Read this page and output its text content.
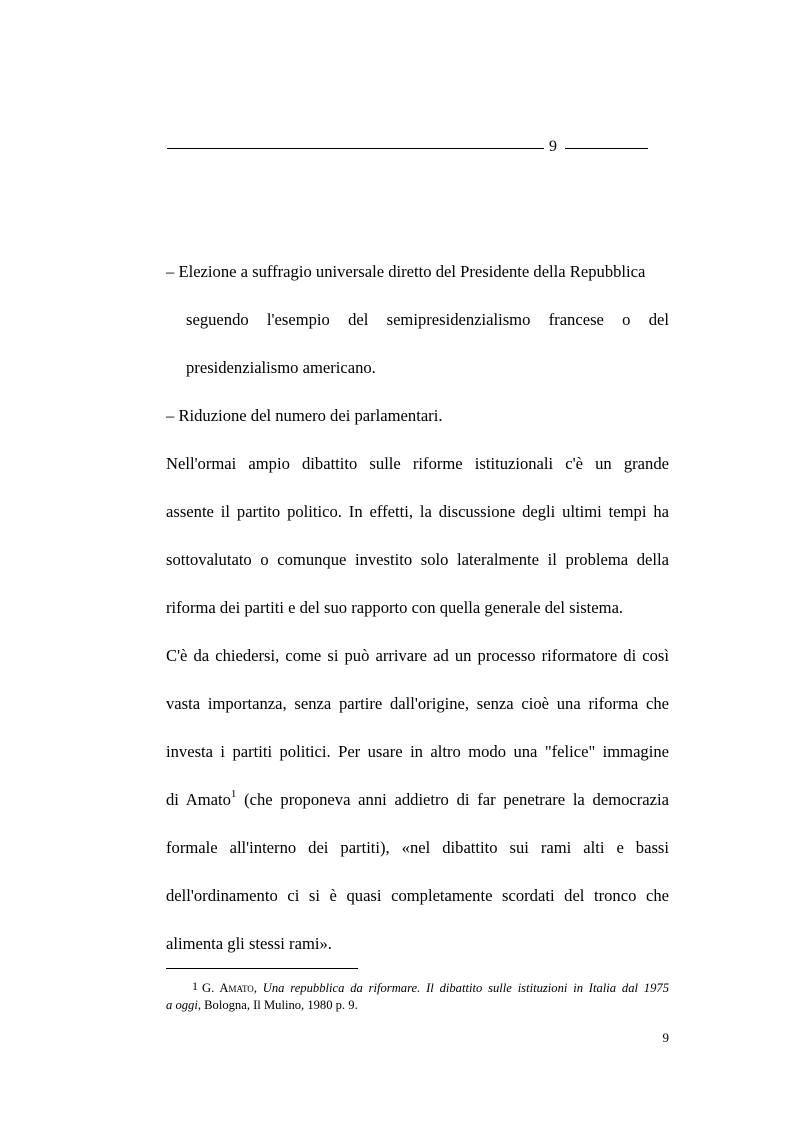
9
– Elezione a suffragio universale diretto del Presidente della Repubblica
seguendo l'esempio del semipresidenzialismo francese o del
presidenzialismo americano.
– Riduzione del numero dei parlamentari.
Nell'ormai ampio dibattito sulle riforme istituzionali c'è un grande
assente il partito politico. In effetti, la discussione degli ultimi tempi ha
sottovalutato o comunque investito solo lateralmente il problema della
riforma dei partiti e del suo rapporto con quella generale del sistema.
C'è da chiedersi, come si può arrivare ad un processo riformatore di così
vasta importanza, senza partire dall'origine, senza cioè una riforma che
investa i partiti politici. Per usare in altro modo una "felice" immagine
di Amato$^1$ (che proponeva anni addietro di far penetrare la democrazia
formale all'interno dei partiti), «nel dibattito sui rami alti e bassi
dell'ordinamento ci si è quasi completamente scordati del tronco che
alimenta gli stessi rami».
1 G. Amato, Una repubblica da riformare. Il dibattito sulle istituzioni in Italia dal 1975
a oggi, Bologna, Il Mulino, 1980 p. 9.
9
